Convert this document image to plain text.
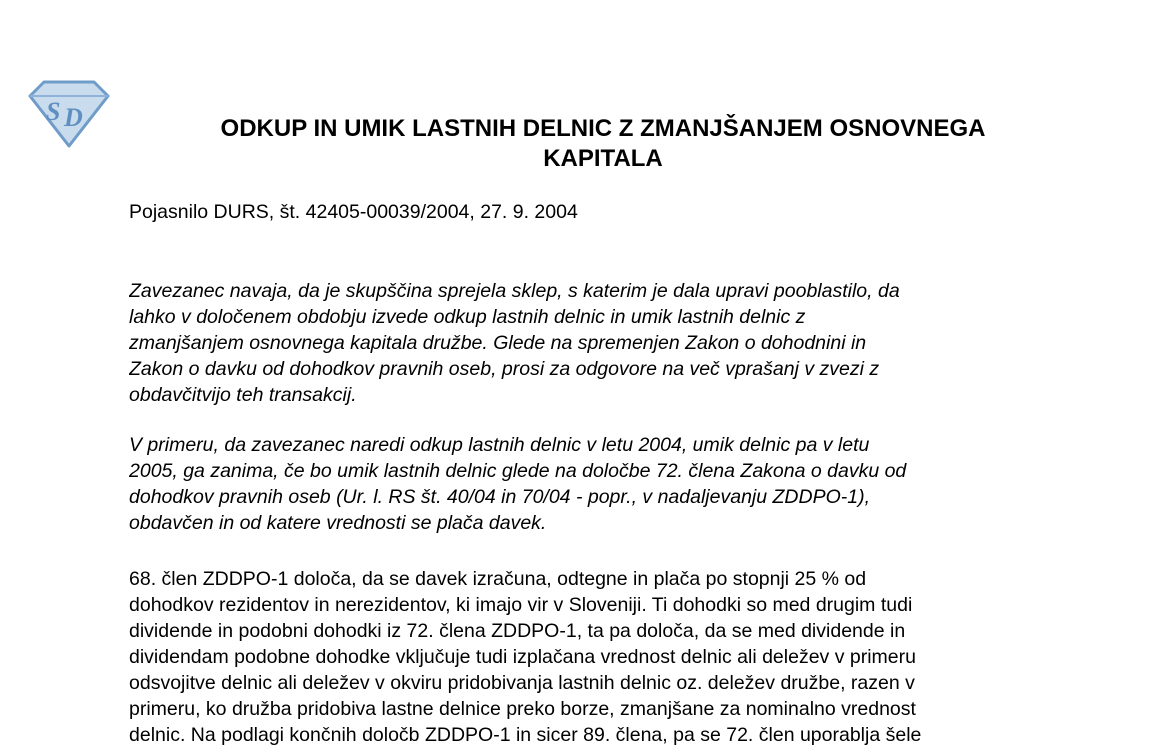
S D	ODKUP IN UMIK LASTNIH DELNIC Z ZMANJŠANJEM OSNOVNEGA
KAPITALA
Pojasnilo DURS, št. 42405-00039/2004, 27. 9. 2004
Zavezanec navaja, da je skupščina sprejela sklep, s katerim je dala upravi pooblastilo, da
lahko v določenem obdobju izvede odkup lastnih delnic in umik lastnih delnic z
zmanjšanjem osnovnega kapitala družbe. Glede na spremenjen Zakon o dohodnini in
Zakon o davku od dohodkov pravnih oseb, prosi za odgovore na več vprašanj v zvezi z
obdavčitvijo teh transakcij.
V primeru, da zavezanec naredi odkup lastnih delnic v letu 2004, umik delnic pa v letu
2005, ga zanima, če bo umik lastnih delnic glede na določbe 72. člena Zakona o davku od
dohodkov pravnih oseb (Ur. l. RS št. 40/04 in 70/04 - popr., v nadaljevanju ZDDPO-1),
obdavčen in od katere vrednosti se plača davek.
68. člen ZDDPO-1 določa, da se davek izračuna, odtegne in plača po stopnji 25 % od
dohodkov rezidentov in nerezidentov, ki imajo vir v Sloveniji. Ti dohodki so med drugim tudi
dividende in podobni dohodki iz 72. člena ZDDPO-1, ta pa določa, da se med dividende in
dividendam podobne dohodke vključuje tudi izplačana vrednost delnic ali deležev v primeru
odsvojitve delnic ali deležev v okviru pridobivanja lastnih delnic oz. deležev družbe, razen v
primeru, ko družba pridobiva lastne delnice preko borze, zmanjšane za nominalno vrednost
delnic. Na podlagi končnih določb ZDDPO-1 in sicer 89. člena, pa se 72. člen uporablja šele
